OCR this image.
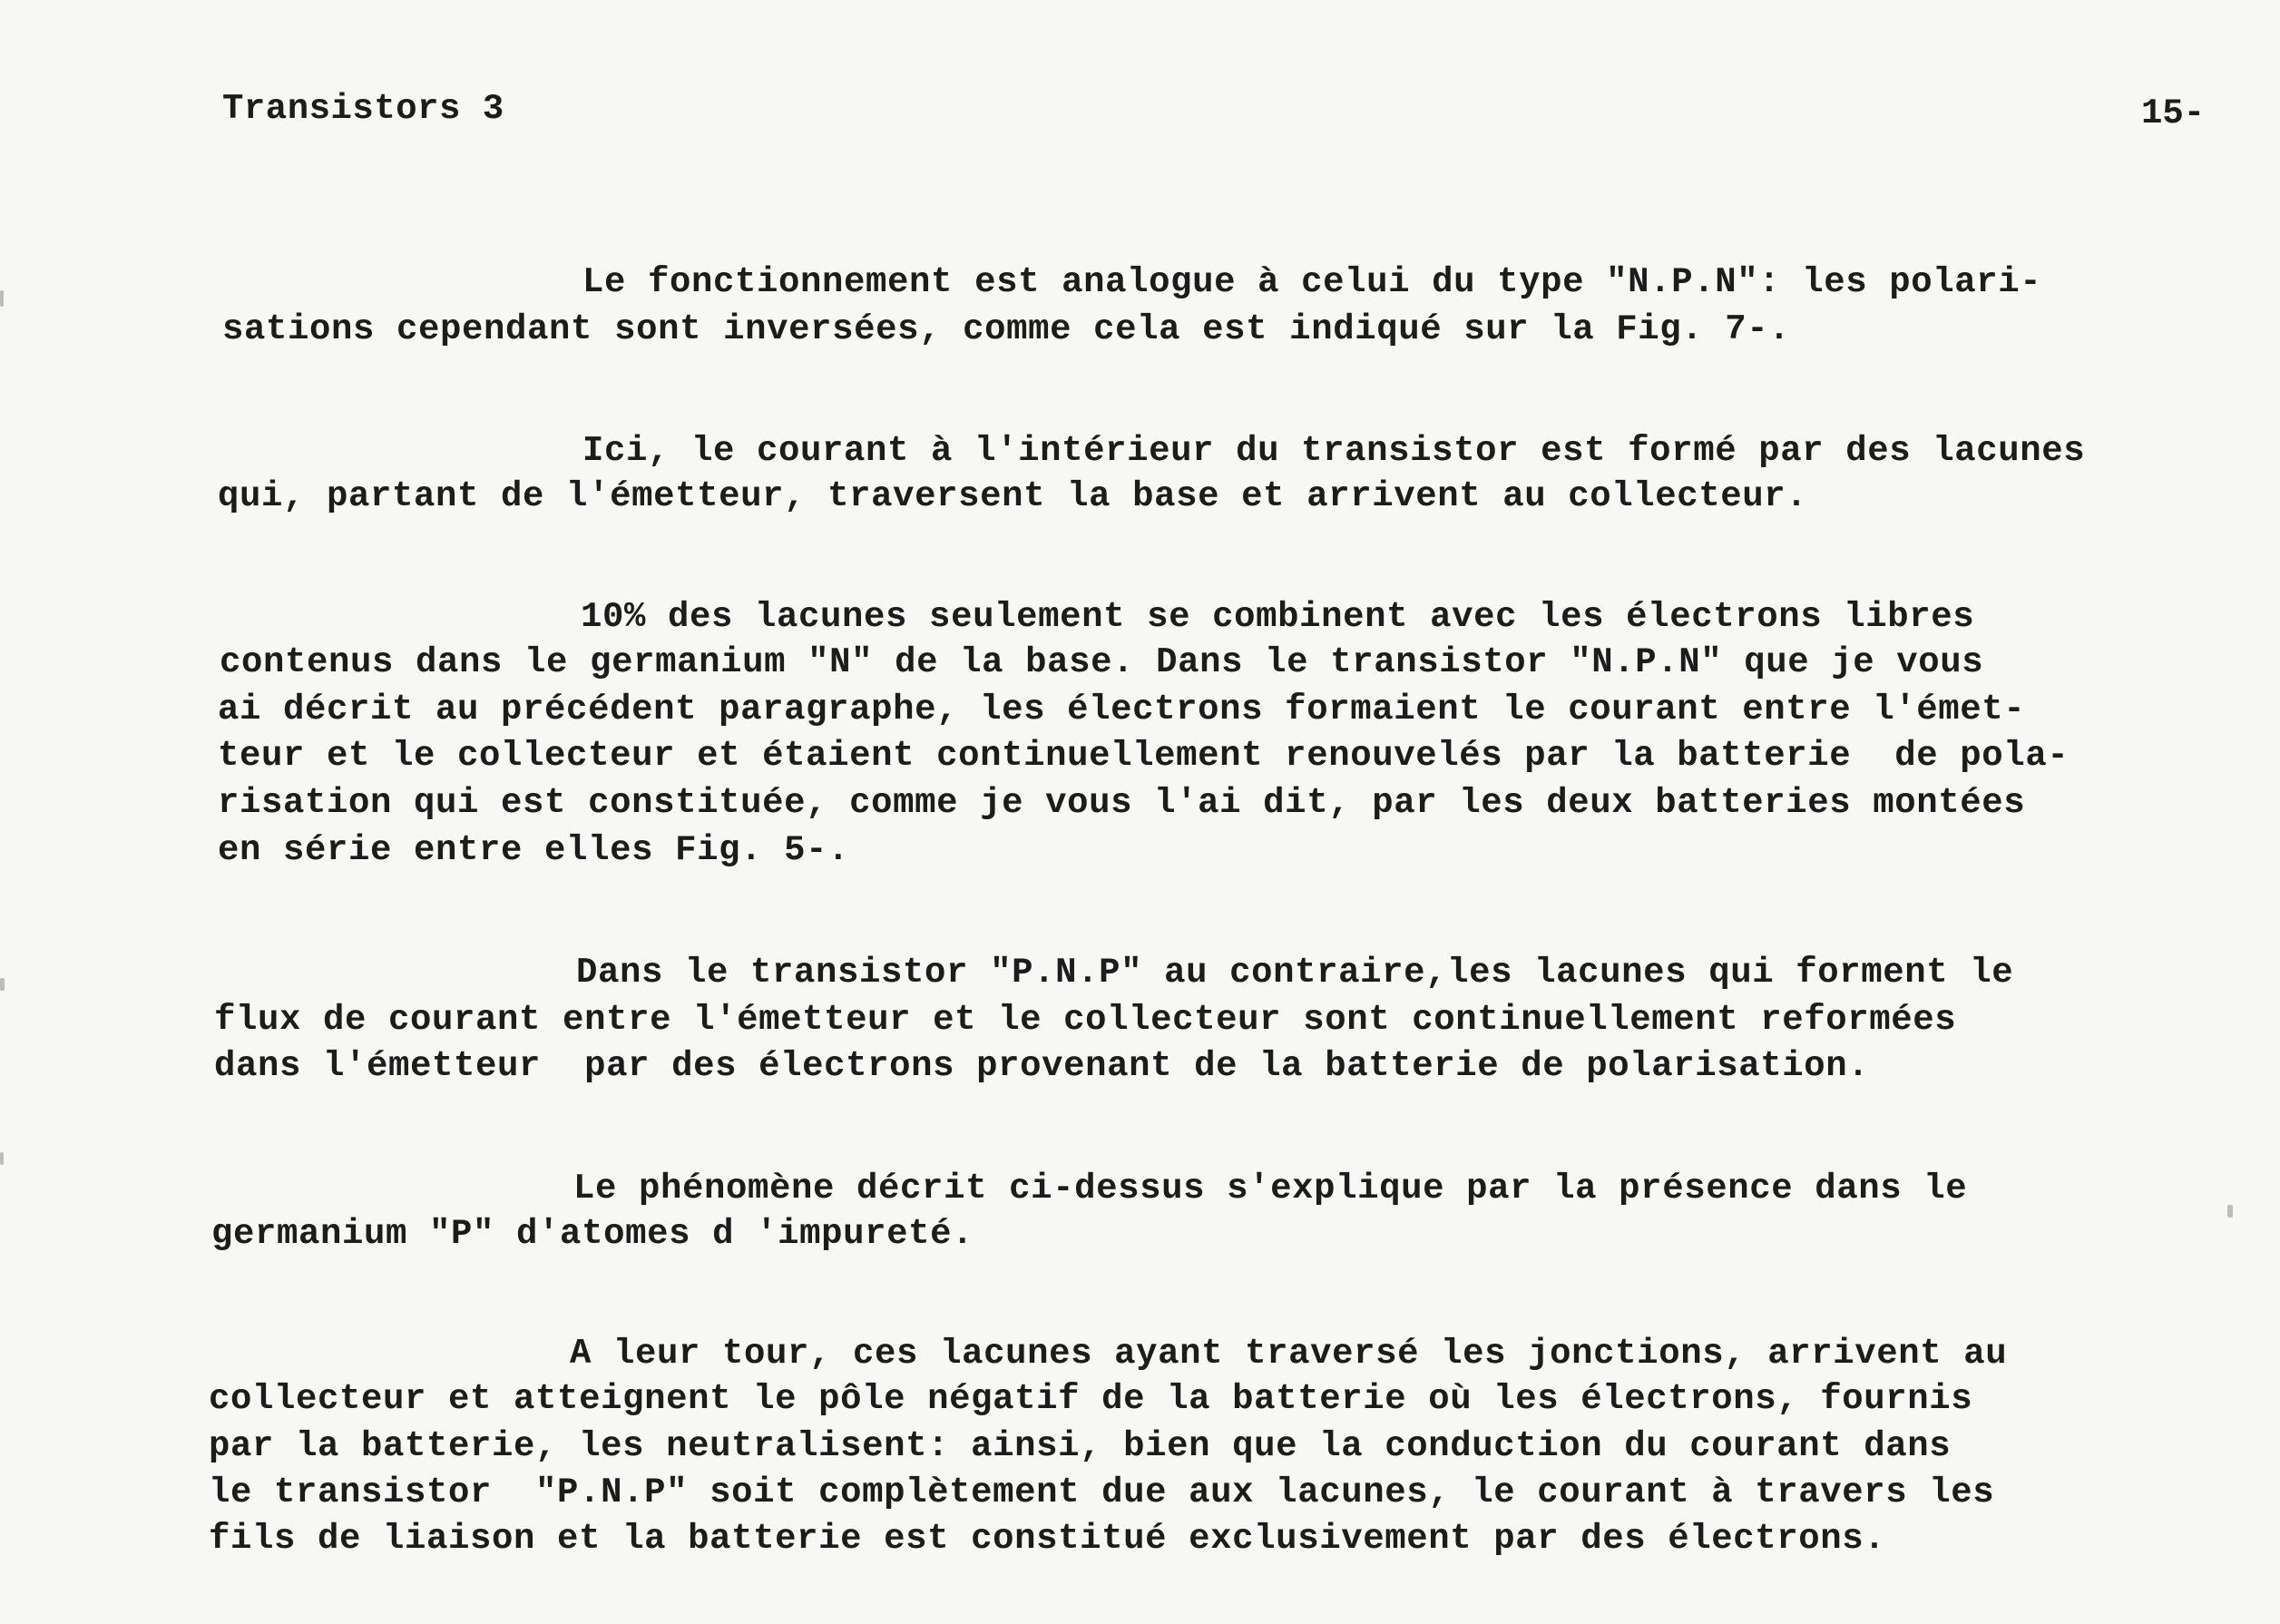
Transistors 3	15-
Le fonctionnement est analogue à celui du type "N.P.N": les polari-
sations cependant sont inversées, comme cela est indiqué sur la Fig. 7-.
Ici, le courant à l'intérieur du transistor est formé par des lacunes
qui, partant de l'émetteur, traversent la base et arrivent au collecteur.
10% des lacunes seulement se combinent avec les électrons libres
contenus dans le germanium "N" de la base. Dans le transistor "N.P.N" que je vous
ai décrit au précédent paragraphe, les électrons formaient le courant entre l'émet-
teur et le collecteur et étaient continuellement renouvelés par la batterie  de pola-
risation qui est constituée, comme je vous l'ai dit, par les deux batteries montées
en série entre elles Fig. 5-.
Dans le transistor "P.N.P" au contraire,les lacunes qui forment le
flux de courant entre l'émetteur et le collecteur sont continuellement reformées
dans l'émetteur  par des électrons provenant de la batterie de polarisation.
Le phénomène décrit ci-dessus s'explique par la présence dans le
germanium "P" d'atomes d 'impureté.
A leur tour, ces lacunes ayant traversé les jonctions, arrivent au
collecteur et atteignent le pôle négatif de la batterie où les électrons, fournis
par la batterie, les neutralisent: ainsi, bien que la conduction du courant dans
le transistor  "P.N.P" soit complètement due aux lacunes, le courant à travers les
fils de liaison et la batterie est constitué exclusivement par des électrons.
